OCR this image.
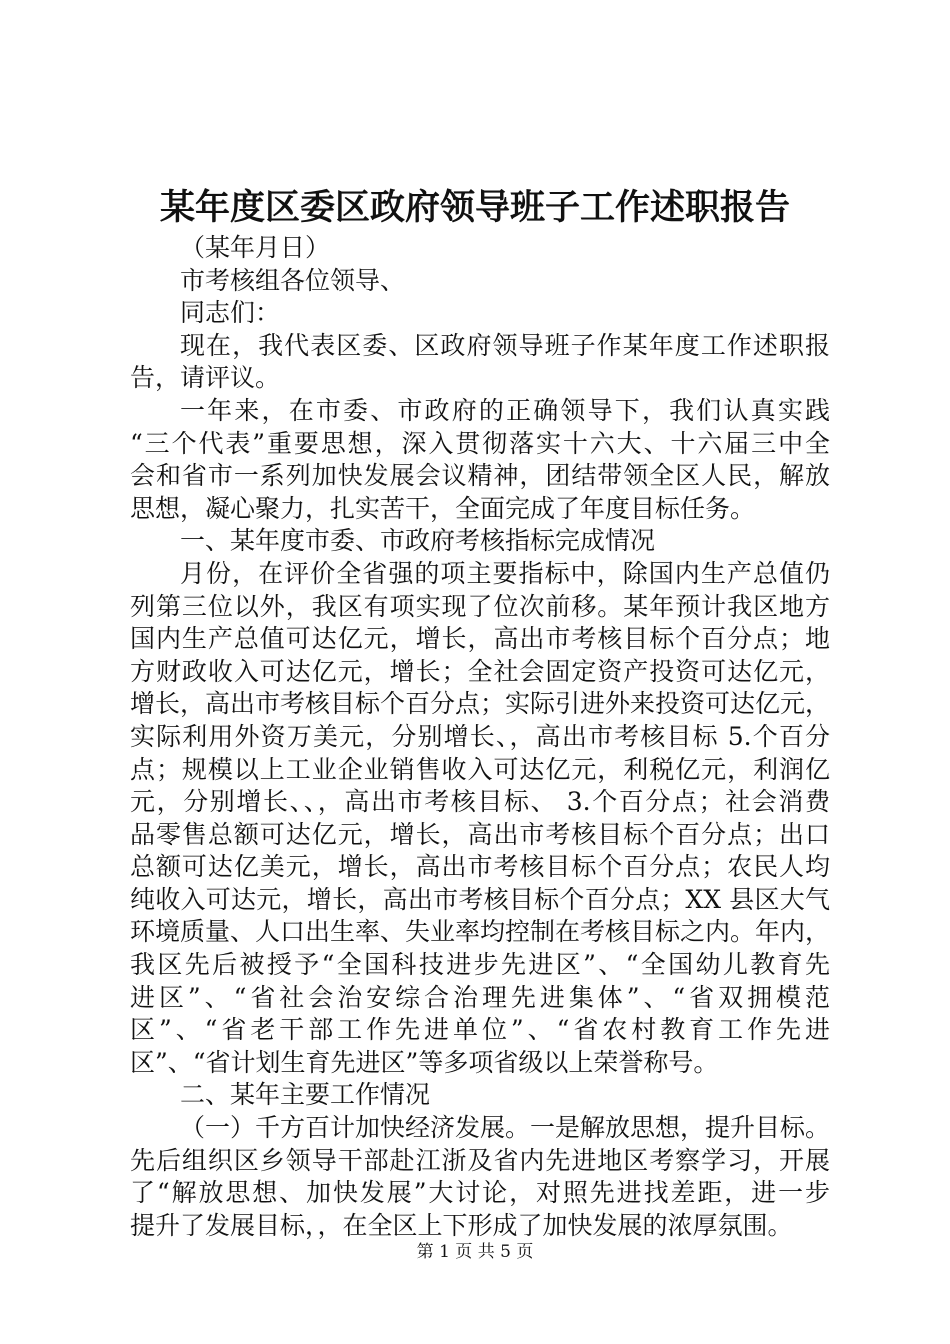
某年度区委区政府领导班子工作述职报告
（某年月日）
市考核组各位领导、
同志们：
现在，我代表区委、区政府领导班子作某年度工作述职报
告，请评议。
一年来，在市委、市政府的正确领导下，我们认真实践
“三个代表”重要思想，深入贯彻落实十六大、十六届三中全
会和省市一系列加快发展会议精神，团结带领全区人民，解放
思想，凝心聚力，扎实苦干，全面完成了年度目标任务。
一、某年度市委、市政府考核指标完成情况
月份，在评价全省强的项主要指标中，除国内生产总值仍
列第三位以外，我区有项实现了位次前移。某年预计我区地方
国内生产总值可达亿元，增长，高出市考核目标个百分点；地
方财政收入可达亿元，增长；全社会固定资产投资可达亿元，
增长，高出市考核目标个百分点；实际引进外来投资可达亿元，
实际利用外资万美元，分别增长、，高出市考核目标 5.个百分
点；规模以上工业企业销售收入可达亿元，利税亿元，利润亿
元，分别增长、、，高出市考核目标、 3.个百分点；社会消费
品零售总额可达亿元，增长，高出市考核目标个百分点；出口
总额可达亿美元，增长，高出市考核目标个百分点；农民人均
纯收入可达元，增长，高出市考核目标个百分点；XX 县区大气
环境质量、人口出生率、失业率均控制在考核目标之内。年内，
我区先后被授予“全国科技进步先进区”、“全国幼儿教育先
进区”、“省社会治安综合治理先进集体”、“省双拥模范
区”、“省老干部工作先进单位”、“省农村教育工作先进
区”、“省计划生育先进区”等多项省级以上荣誉称号。
二、某年主要工作情况
（一）千方百计加快经济发展。一是解放思想，提升目标。
先后组织区乡领导干部赴江浙及省内先进地区考察学习，开展
了“解放思想、加快发展”大讨论，对照先进找差距，进一步
提升了发展目标，，在全区上下形成了加快发展的浓厚氛围。
第 1 页 共 5 页
